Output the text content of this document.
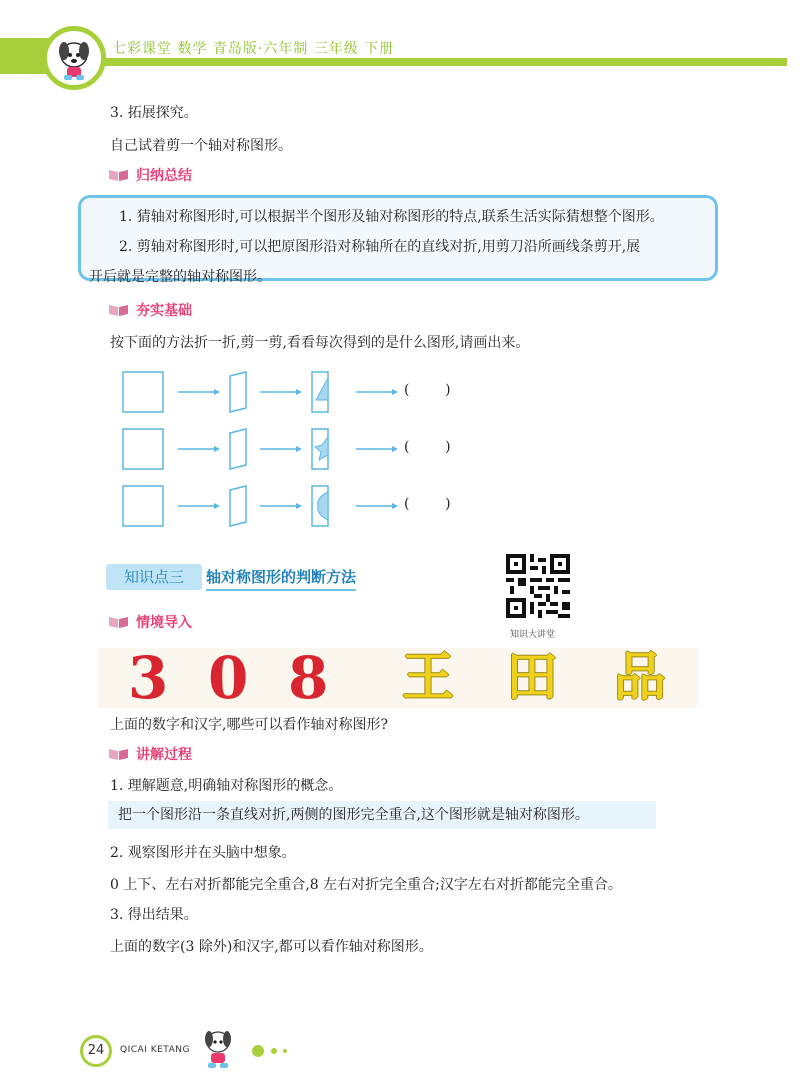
七彩课堂 数学 青岛版·六年制 三年级 下册
3. 拓展探究。
自己试着剪一个轴对称图形。
归纳总结
1. 猜轴对称图形时,可以根据半个图形及轴对称图形的特点,联系生活实际猜想整个图形。
2. 剪轴对称图形时,可以把原图形沿对称轴所在的直线对折,用剪刀沿所画线条剪开,展
开后就是完整的轴对称图形。
夯实基础
按下面的方法折一折,剪一剪,看看每次得到的是什么图形,请画出来。
(        )
(        )
(        )
知识点三	轴对称图形的判断方法
知识大讲堂
情境导入
3 0 8 王 田 品
上面的数字和汉字,哪些可以看作轴对称图形?
讲解过程
1. 理解题意,明确轴对称图形的概念。
把一个图形沿一条直线对折,两侧的图形完全重合,这个图形就是轴对称图形。
2. 观察图形并在头脑中想象。
0 上下、左右对折都能完全重合,8 左右对折完全重合;汉字左右对折都能完全重合。
3. 得出结果。
上面的数字(3 除外)和汉字,都可以看作轴对称图形。
24	QICAI KETANG
